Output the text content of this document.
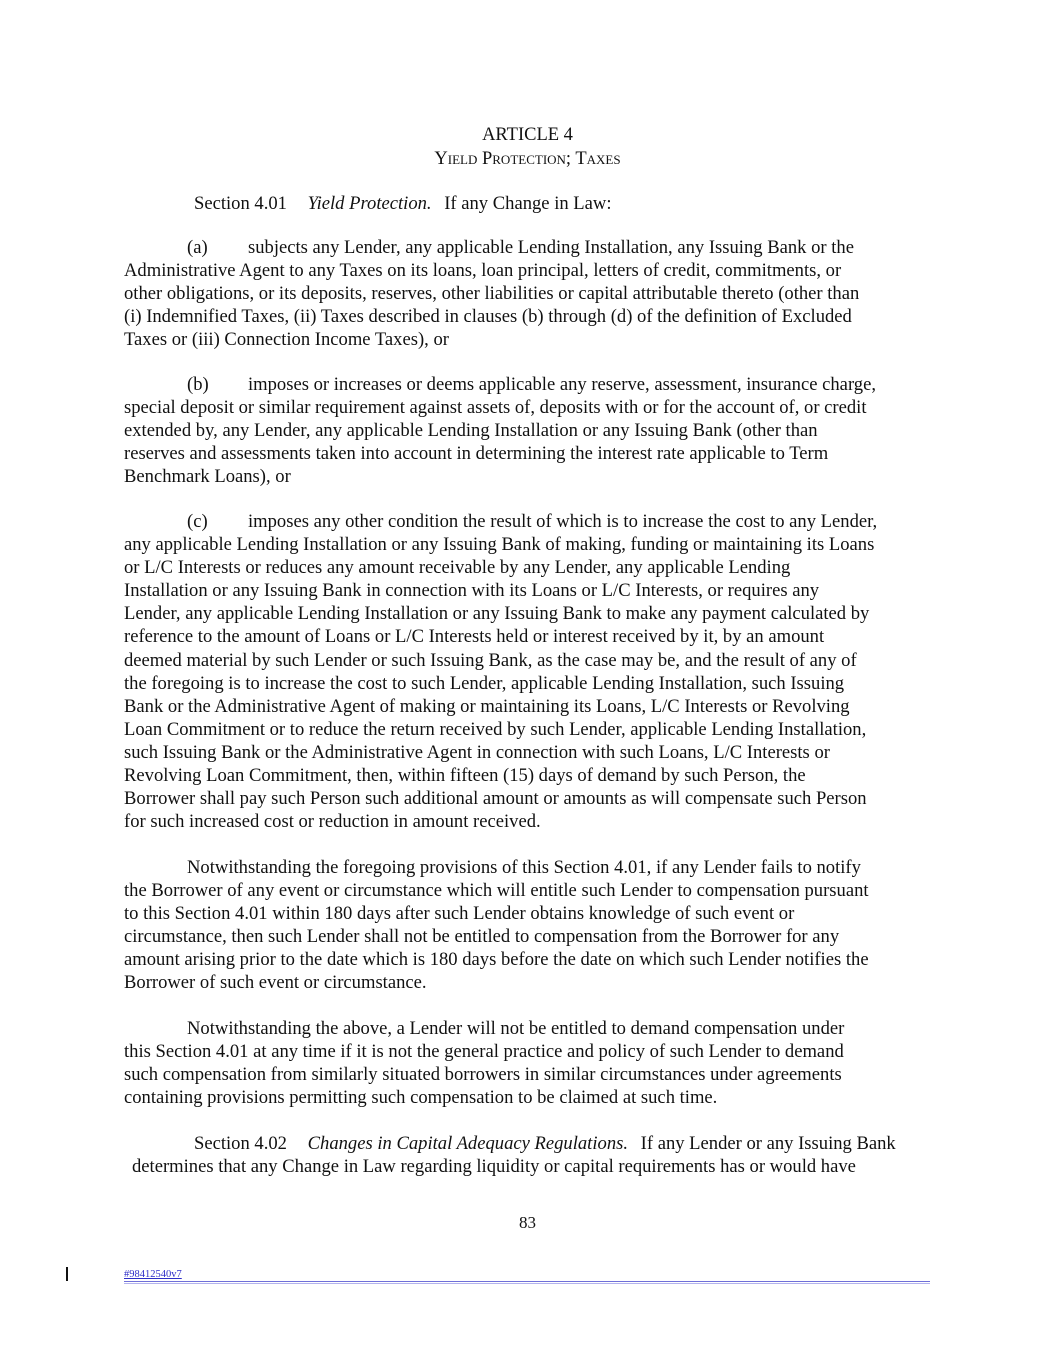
ARTICLE 4
Yield Protection; Taxes
Section 4.01 Yield Protection. If any Change in Law:
(a) subjects any Lender, any applicable Lending Installation, any Issuing Bank or the
Administrative Agent to any Taxes on its loans, loan principal, letters of credit, commitments, or
other obligations, or its deposits, reserves, other liabilities or capital attributable thereto (other than
(i) Indemnified Taxes, (ii) Taxes described in clauses (b) through (d) of the definition of Excluded
Taxes or (iii) Connection Income Taxes), or
(b) imposes or increases or deems applicable any reserve, assessment, insurance charge,
special deposit or similar requirement against assets of, deposits with or for the account of, or credit
extended by, any Lender, any applicable Lending Installation or any Issuing Bank (other than
reserves and assessments taken into account in determining the interest rate applicable to Term
Benchmark Loans), or
(c) imposes any other condition the result of which is to increase the cost to any Lender,
any applicable Lending Installation or any Issuing Bank of making, funding or maintaining its Loans
or L/C Interests or reduces any amount receivable by any Lender, any applicable Lending
Installation or any Issuing Bank in connection with its Loans or L/C Interests, or requires any
Lender, any applicable Lending Installation or any Issuing Bank to make any payment calculated by
reference to the amount of Loans or L/C Interests held or interest received by it, by an amount
deemed material by such Lender or such Issuing Bank, as the case may be, and the result of any of
the foregoing is to increase the cost to such Lender, applicable Lending Installation, such Issuing
Bank or the Administrative Agent of making or maintaining its Loans, L/C Interests or Revolving
Loan Commitment or to reduce the return received by such Lender, applicable Lending Installation,
such Issuing Bank or the Administrative Agent in connection with such Loans, L/C Interests or
Revolving Loan Commitment, then, within fifteen (15) days of demand by such Person, the
Borrower shall pay such Person such additional amount or amounts as will compensate such Person
for such increased cost or reduction in amount received.
Notwithstanding the foregoing provisions of this Section 4.01, if any Lender fails to notify
the Borrower of any event or circumstance which will entitle such Lender to compensation pursuant
to this Section 4.01 within 180 days after such Lender obtains knowledge of such event or
circumstance, then such Lender shall not be entitled to compensation from the Borrower for any
amount arising prior to the date which is 180 days before the date on which such Lender notifies the
Borrower of such event or circumstance.
Notwithstanding the above, a Lender will not be entitled to demand compensation under
this Section 4.01 at any time if it is not the general practice and policy of such Lender to demand
such compensation from similarly situated borrowers in similar circumstances under agreements
containing provisions permitting such compensation to be claimed at such time.
Section 4.02 Changes in Capital Adequacy Regulations. If any Lender or any Issuing Bank
determines that any Change in Law regarding liquidity or capital requirements has or would have
83
#98412540v7
